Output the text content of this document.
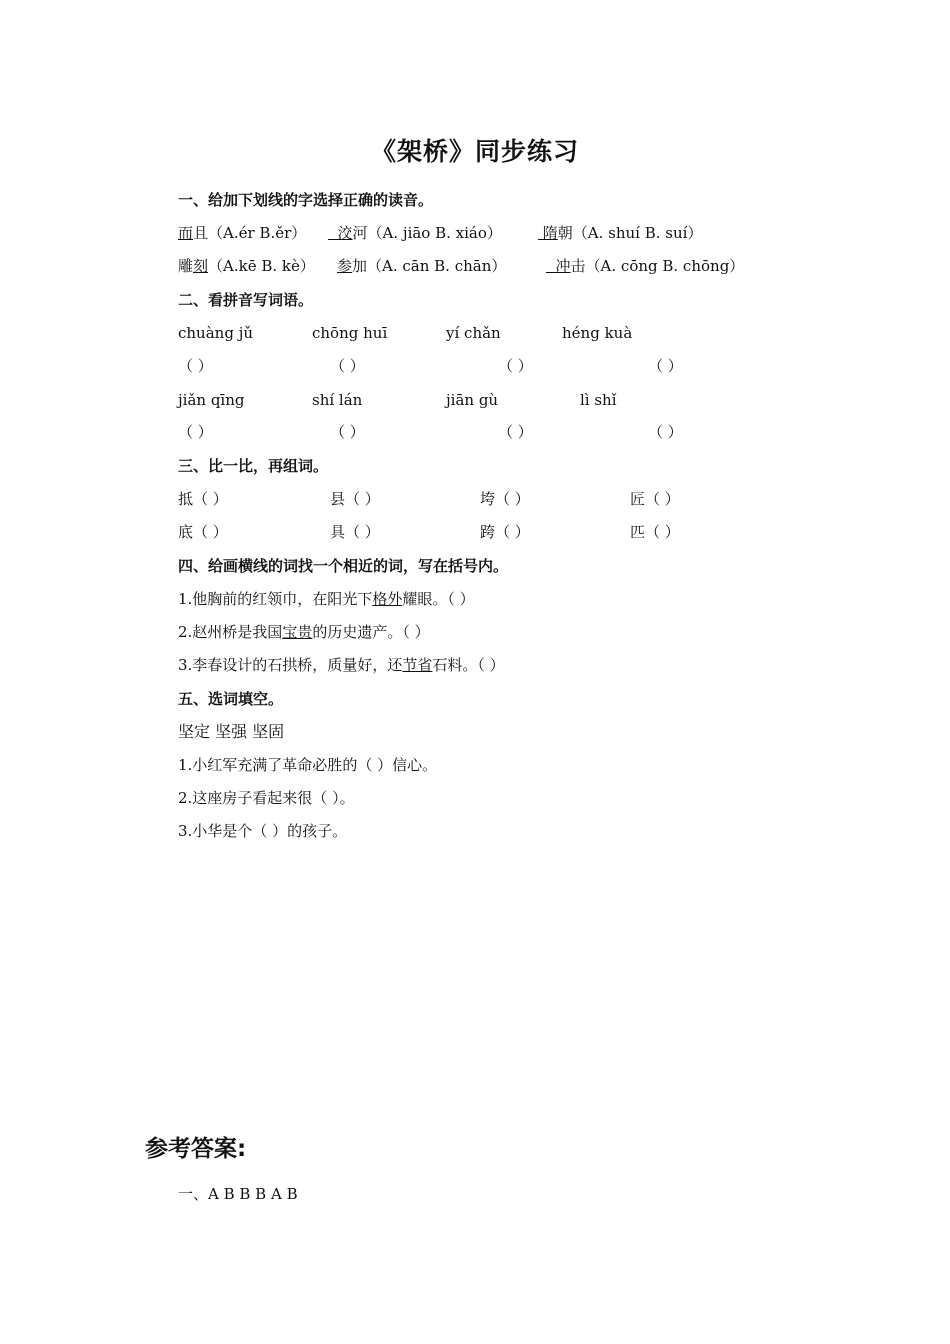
《架桥》同步练习
一、给加下划线的字选择正确的读音。
而且（A.ér B.ěr） 洨河（A. jiāo B. xiáo） 隋朝（A. shuí B. suí）
雕刻（A.kē B. kè） 参加（A. cān B. chān）	冲击（A. cōng B. chōng）
二、看拼音写词语。
chuàng jǔ	chōng huī	yí chǎn	héng kuà
（ ）	（ ）	（ ）	（ ）
jiǎn qīng	shí lán	jiān gù	lì shǐ
（ ）	（ ）	（ ）	（ ）
三、比一比，再组词。
抵（ ）	县（ ）	垮（ ）	匠（ ）
底（ ）	具（ ）	跨（ ）	匹（ ）
四、给画横线的词找一个相近的词，写在括号内。
1.他胸前的红领巾，在阳光下格外耀眼。（ ）
2.赵州桥是我国宝贵的历史遗产。（ ）
3.李春设计的石拱桥，质量好，还节省石料。（ ）
五、选词填空。
坚定 坚强 坚固
1.小红军充满了革命必胜的（ ）信心。
2.这座房子看起来很（ ）。
3.小华是个（ ）的孩子。
参考答案:
一、A B B B A B
